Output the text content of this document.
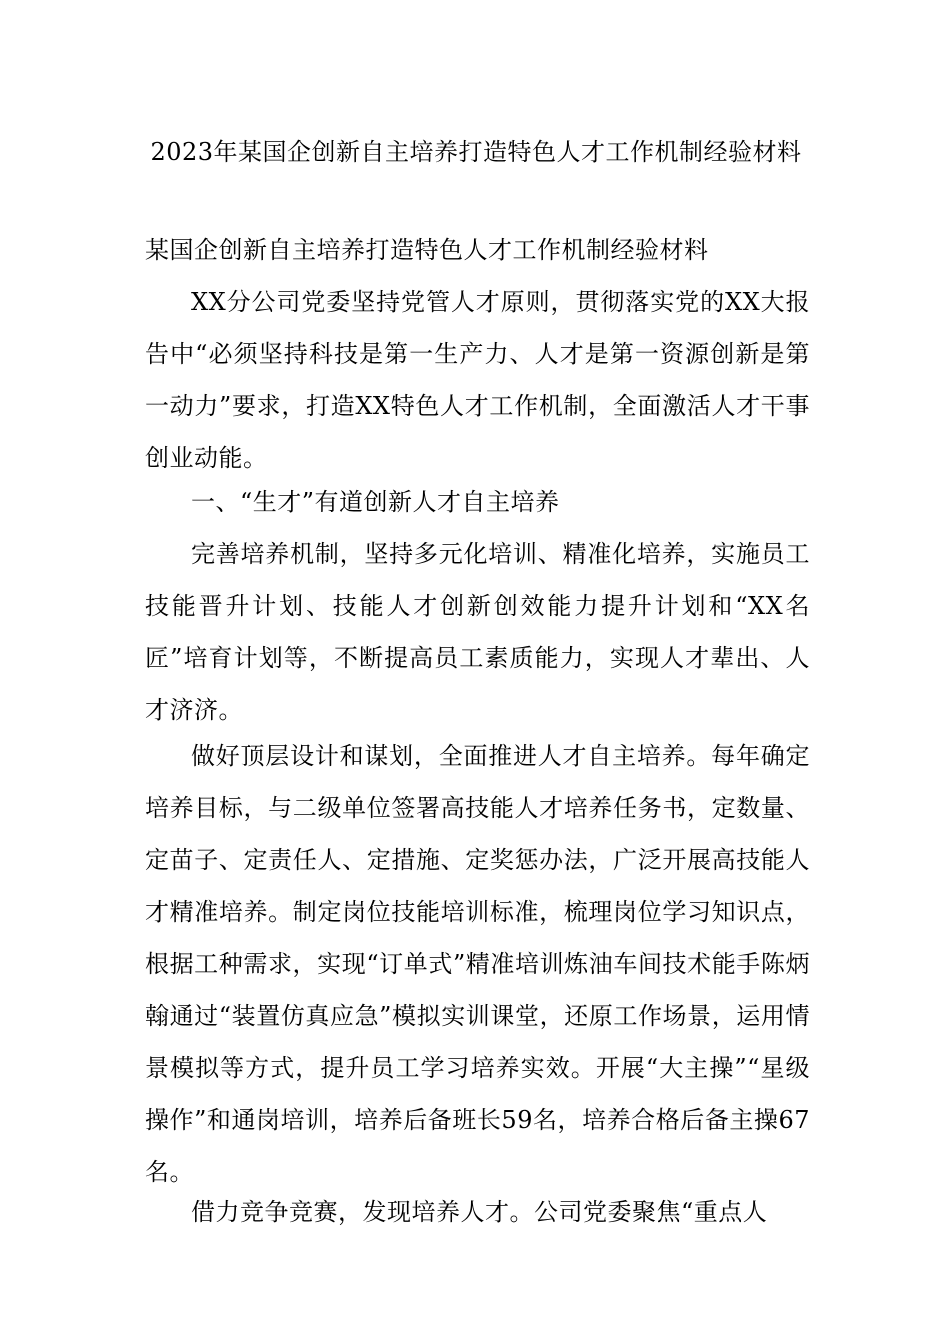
2023年某国企创新自主培养打造特色人才工作机制经验材料
某国企创新自主培养打造特色人才工作机制经验材料
XX分公司党委坚持党管人才原则，贯彻落实党的XX大报告中“必须坚持科技是第一生产力、人才是第一资源创新是第一动力”要求，打造XX特色人才工作机制，全面激活人才干事创业动能。
一、“生才”有道创新人才自主培养
完善培养机制，坚持多元化培训、精准化培养，实施员工技能晋升计划、技能人才创新创效能力提升计划和“XX名匠”培育计划等，不断提高员工素质能力，实现人才辈出、人才济济。
做好顶层设计和谋划，全面推进人才自主培养。每年确定培养目标，与二级单位签署高技能人才培养任务书，定数量、定苗子、定责任人、定措施、定奖惩办法，广泛开展高技能人才精准培养。制定岗位技能培训标准，梳理岗位学习知识点，根据工种需求，实现“订单式”精准培训炼油车间技术能手陈炳翰通过“装置仿真应急”模拟实训课堂，还原工作场景，运用情景模拟等方式，提升员工学习培养实效。开展“大主操”“星级操作”和通岗培训，培养后备班长59名，培养合格后备主操67名。
借力竞争竞赛，发现培养人才。公司党委聚焦“重点人
